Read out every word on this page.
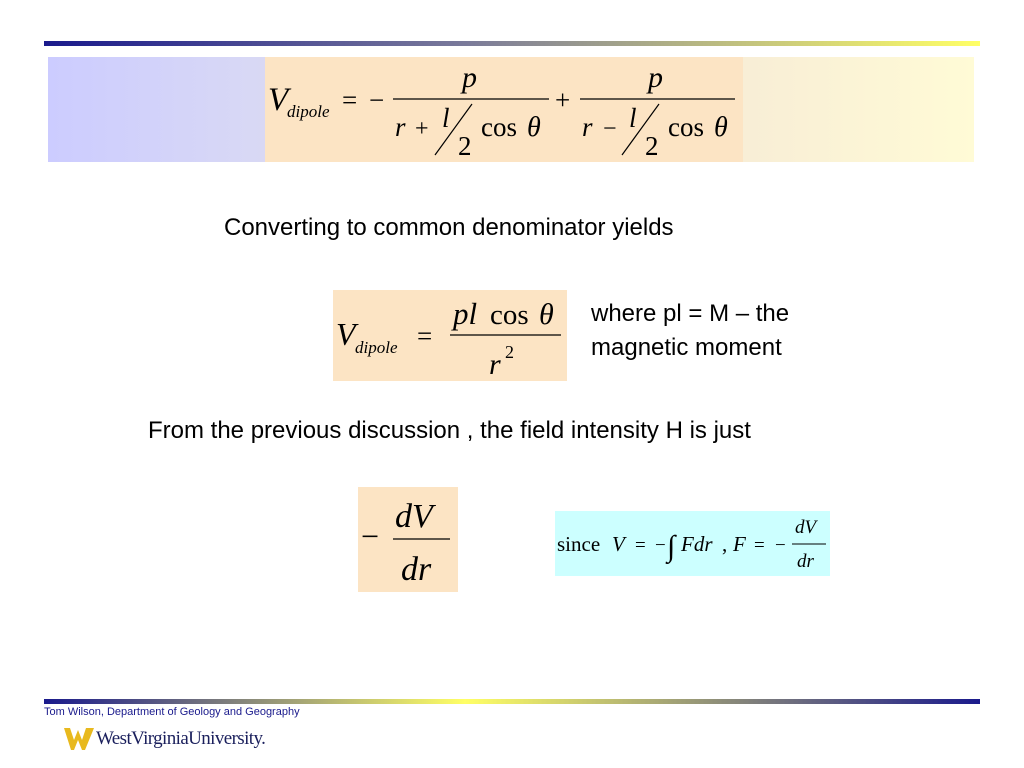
V
dipole = −
p
r + l
2
cos θ
+
p
r − l
2
cos θ
Converting to common denominator yields
V dipole =
pl cos θ
r 2
where pl = M – the
magnetic moment
From the previous discussion , the field intensity H is just
−
dV
dr
since V = − ∫ Fdr , F = −
dV
dr
Tom Wilson, Department of Geology and Geography
WestVirginiaUniversity.
